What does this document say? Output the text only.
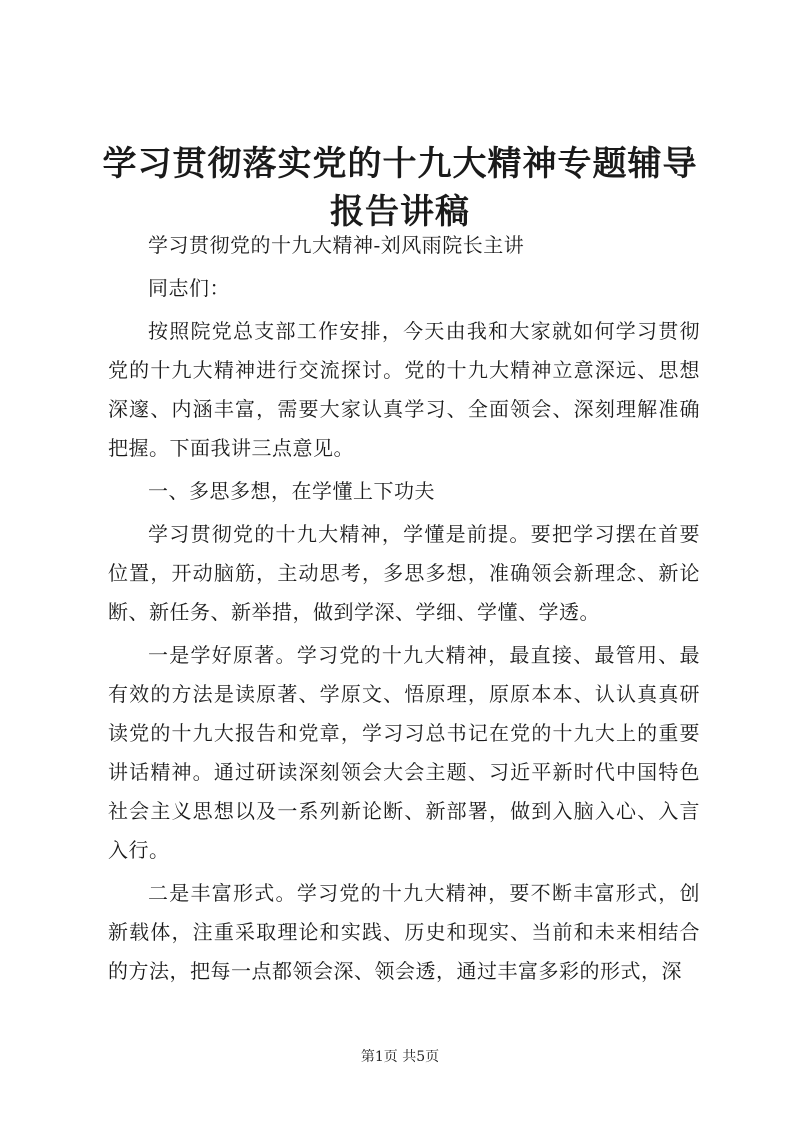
学习贯彻落实党的十九大精神专题辅导报告讲稿

学习贯彻党的十九大精神-刘风雨院长主讲

同志们：

按照院党总支部工作安排，今天由我和大家就如何学习贯彻党的十九大精神进行交流探讨。党的十九大精神立意深远、思想深邃、内涵丰富，需要大家认真学习、全面领会、深刻理解准确把握。下面我讲三点意见。

一、多思多想，在学懂上下功夫

学习贯彻党的十九大精神，学懂是前提。要把学习摆在首要位置，开动脑筋，主动思考，多思多想，准确领会新理念、新论断、新任务、新举措，做到学深、学细、学懂、学透。

一是学好原著。学习党的十九大精神，最直接、最管用、最有效的方法是读原著、学原文、悟原理，原原本本、认认真真研读党的十九大报告和党章，学习习总书记在党的十九大上的重要讲话精神。通过研读深刻领会大会主题、习近平新时代中国特色社会主义思想以及一系列新论断、新部署，做到入脑入心、入言入行。

二是丰富形式。学习党的十九大精神，要不断丰富形式，创新载体，注重采取理论和实践、历史和现实、当前和未来相结合的方法，把每一点都领会深、领会透，通过丰富多彩的形式，深

第1页 共5页
